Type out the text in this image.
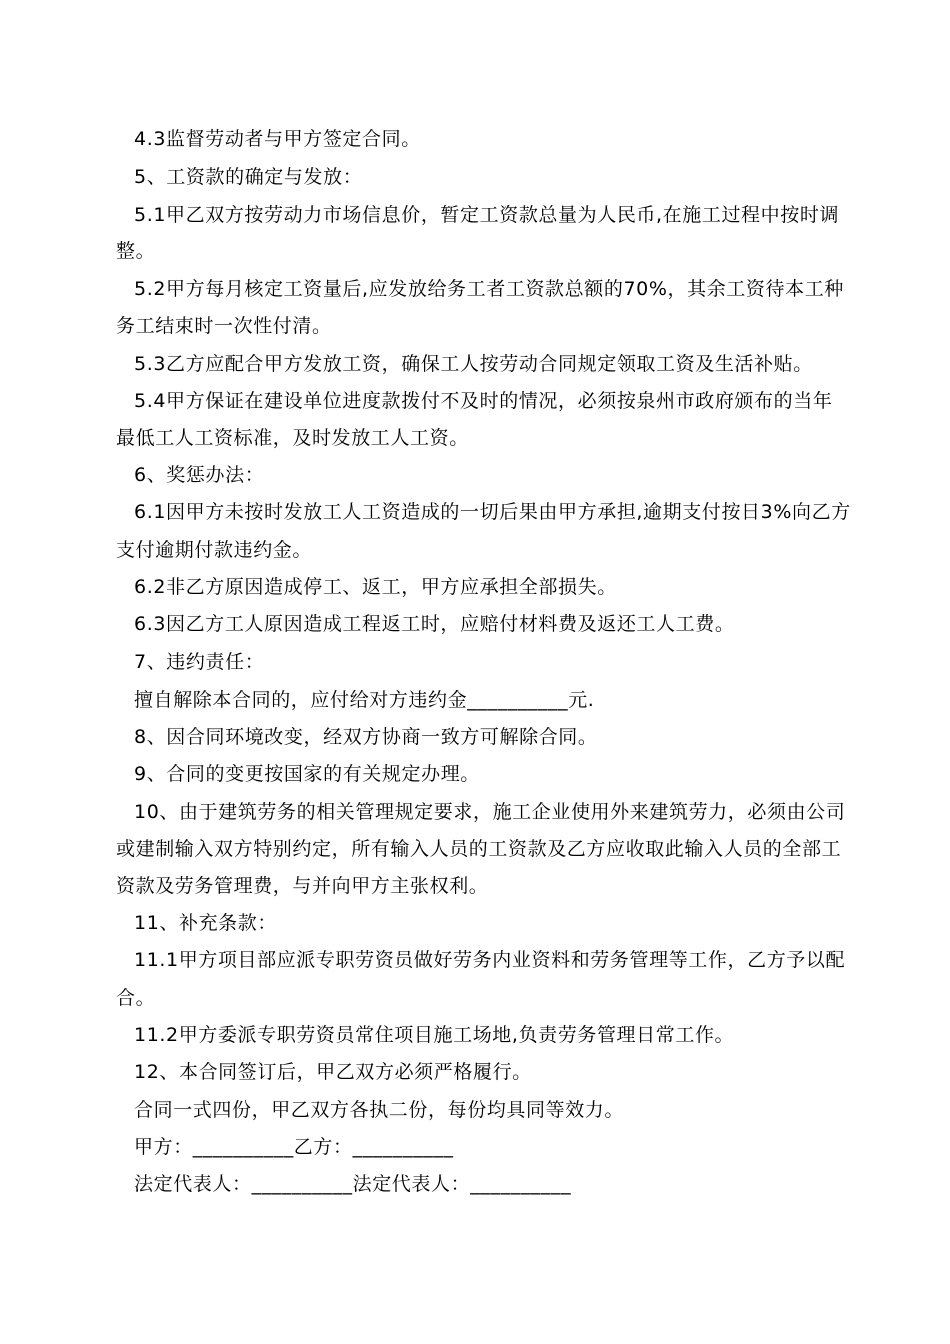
4.3监督劳动者与甲方签定合同。
5、工资款的确定与发放：
5.1甲乙双方按劳动力市场信息价，暂定工资款总量为人民币,在施工过程中按时调
整。
5.2甲方每月核定工资量后,应发放给务工者工资款总额的70%，其余工资待本工种
务工结束时一次性付清。
5.3乙方应配合甲方发放工资，确保工人按劳动合同规定领取工资及生活补贴。
5.4甲方保证在建设单位进度款拨付不及时的情况，必须按泉州市政府颁布的当年
最低工人工资标准，及时发放工人工资。
6、奖惩办法：
6.1因甲方未按时发放工人工资造成的一切后果由甲方承担,逾期支付按日3%向乙方
支付逾期付款违约金。
6.2非乙方原因造成停工、返工，甲方应承担全部损失。
6.3因乙方工人原因造成工程返工时，应赔付材料费及返还工人工费。
7、违约责任：
擅自解除本合同的，应付给对方违约金__________元.
8、因合同环境改变，经双方协商一致方可解除合同。
9、合同的变更按国家的有关规定办理。
10、由于建筑劳务的相关管理规定要求，施工企业使用外来建筑劳力，必须由公司
或建制输入双方特别约定，所有输入人员的工资款及乙方应收取此输入人员的全部工
资款及劳务管理费，与并向甲方主张权利。
11、补充条款：
11.1甲方项目部应派专职劳资员做好劳务内业资料和劳务管理等工作，乙方予以配
合。
11.2甲方委派专职劳资员常住项目施工场地,负责劳务管理日常工作。
12、本合同签订后，甲乙双方必须严格履行。
合同一式四份，甲乙双方各执二份，每份均具同等效力。
甲方：__________乙方：__________
法定代表人：__________法定代表人：__________
